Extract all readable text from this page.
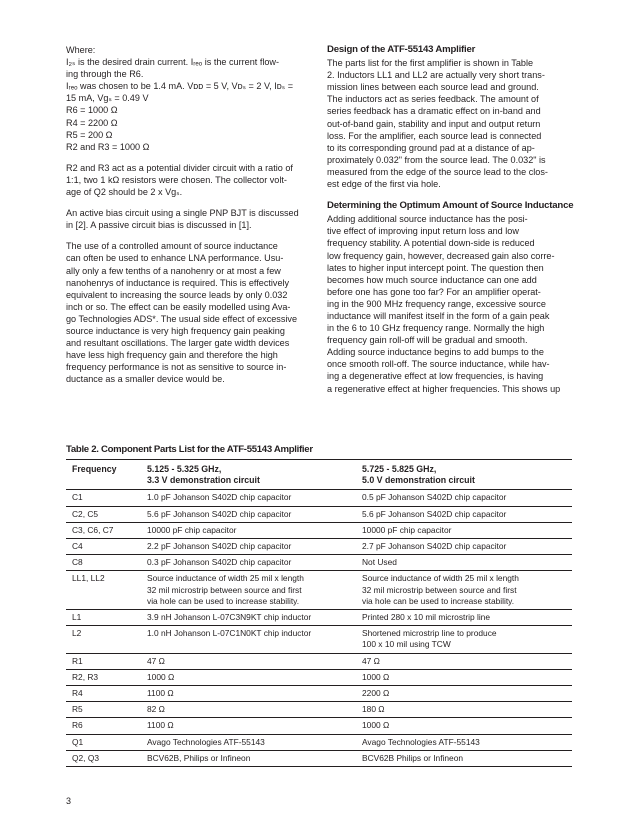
Where:

I₂ₛ is the desired drain current. Iᵣₑₒ is the current flow-
ing through the R6.

Iᵣₑₒ was chosen to be 1.4 mA. Vᴅᴅ = 5 V, Vᴅₛ = 2 V, Iᴅₛ =
15 mA, Vɡₛ = 0.49 V

R6 = 1000 Ω
R4 = 2200 Ω
R5 = 200 Ω
R2 and R3 = 1000 Ω

R2 and R3 act as a potential divider circuit with a ratio of
1:1, two 1 kΩ resistors were chosen. The collector volt-
age of Q2 should be 2 x Vɡₛ.

An active bias circuit using a single PNP BJT is discussed
in [2]. A passive circuit bias is discussed in [1].

The use of a controlled amount of source inductance
can often be used to enhance LNA performance. Usu-
ally only a few tenths of a nanohenry or at most a few
nanohenrys of inductance is required. This is effectively
equivalent to increasing the source leads by only 0.032
inch or so. The effect can be easily modelled using Ava-
go Technologies ADS*. The usual side effect of excessive
source inductance is very high frequency gain peaking
and resultant oscillations. The larger gate width devices
have less high frequency gain and therefore the high
frequency performance is not as sensitive to source in-
ductance as a smaller device would be.

Design of the ATF-55143 Amplifier

The parts list for the first amplifier is shown in Table
2. Inductors LL1 and LL2 are actually very short trans-
mission lines between each source lead and ground.
The inductors act as series feedback. The amount of
series feedback has a dramatic effect on in-band and
out-of-band gain, stability and input and output return
loss. For the amplifier, each source lead is connected
to its corresponding ground pad at a distance of ap-
proximately 0.032" from the source lead. The 0.032" is
measured from the edge of the source lead to the clos-
est edge of the first via hole.

Determining the Optimum Amount of Source Inductance

Adding additional source inductance has the posi-
tive effect of improving input return loss and low
frequency stability. A potential down-side is reduced
low frequency gain, however, decreased gain also corre-
lates to higher input intercept point. The question then
becomes how much source inductance can one add
before one has gone too far? For an amplifier operat-
ing in the 900 MHz frequency range, excessive source
inductance will manifest itself in the form of a gain peak
in the 6 to 10 GHz frequency range. Normally the high
frequency gain roll-off will be gradual and smooth.
Adding source inductance begins to add bumps to the
once smooth roll-off. The source inductance, while hav-
ing a degenerative effect at low frequencies, is having
a regenerative effect at higher frequencies. This shows up

Table 2. Component Parts List for the ATF-55143 Amplifier
Frequency	5.125 - 5.325 GHz,
3.3 V demonstration circuit	5.725 - 5.825 GHz,
5.0 V demonstration circuit

C1	1.0 pF Johanson S402D chip capacitor	0.5 pF Johanson S402D chip capacitor

C2, C5	5.6 pF Johanson S402D chip capacitor	5.6 pF Johanson S402D chip capacitor

C3, C6, C7	10000 pF chip capacitor	10000 pF chip capacitor

C4	2.2 pF Johanson S402D chip capacitor	2.7 pF Johanson S402D chip capacitor

C8	0.3 pF Johanson S402D chip capacitor	Not Used

LL1, LL2	Source inductance of width 25 mil x length
32 mil microstrip between source and first
via hole can be used to increase stability.	Source inductance of width 25 mil x length
32 mil microstrip between source and first
via hole can be used to increase stability.

L1	3.9 nH Johanson L-07C3N9KT chip inductor	Printed 280 x 10 mil microstrip line

L2	1.0 nH Johanson L-07C1N0KT chip inductor	Shortened microstrip line to produce
100 x 10 mil using TCW

R1	47 Ω	47 Ω

R2, R3	1000 Ω	1000 Ω

R4	1100 Ω	2200 Ω

R5	82 Ω	180 Ω

R6	1100 Ω	1000 Ω

Q1	Avago Technologies ATF-55143	Avago Technologies ATF-55143

Q2, Q3	BCV62B, Philips or Infineon	BCV62B Philips or Infineon
3
